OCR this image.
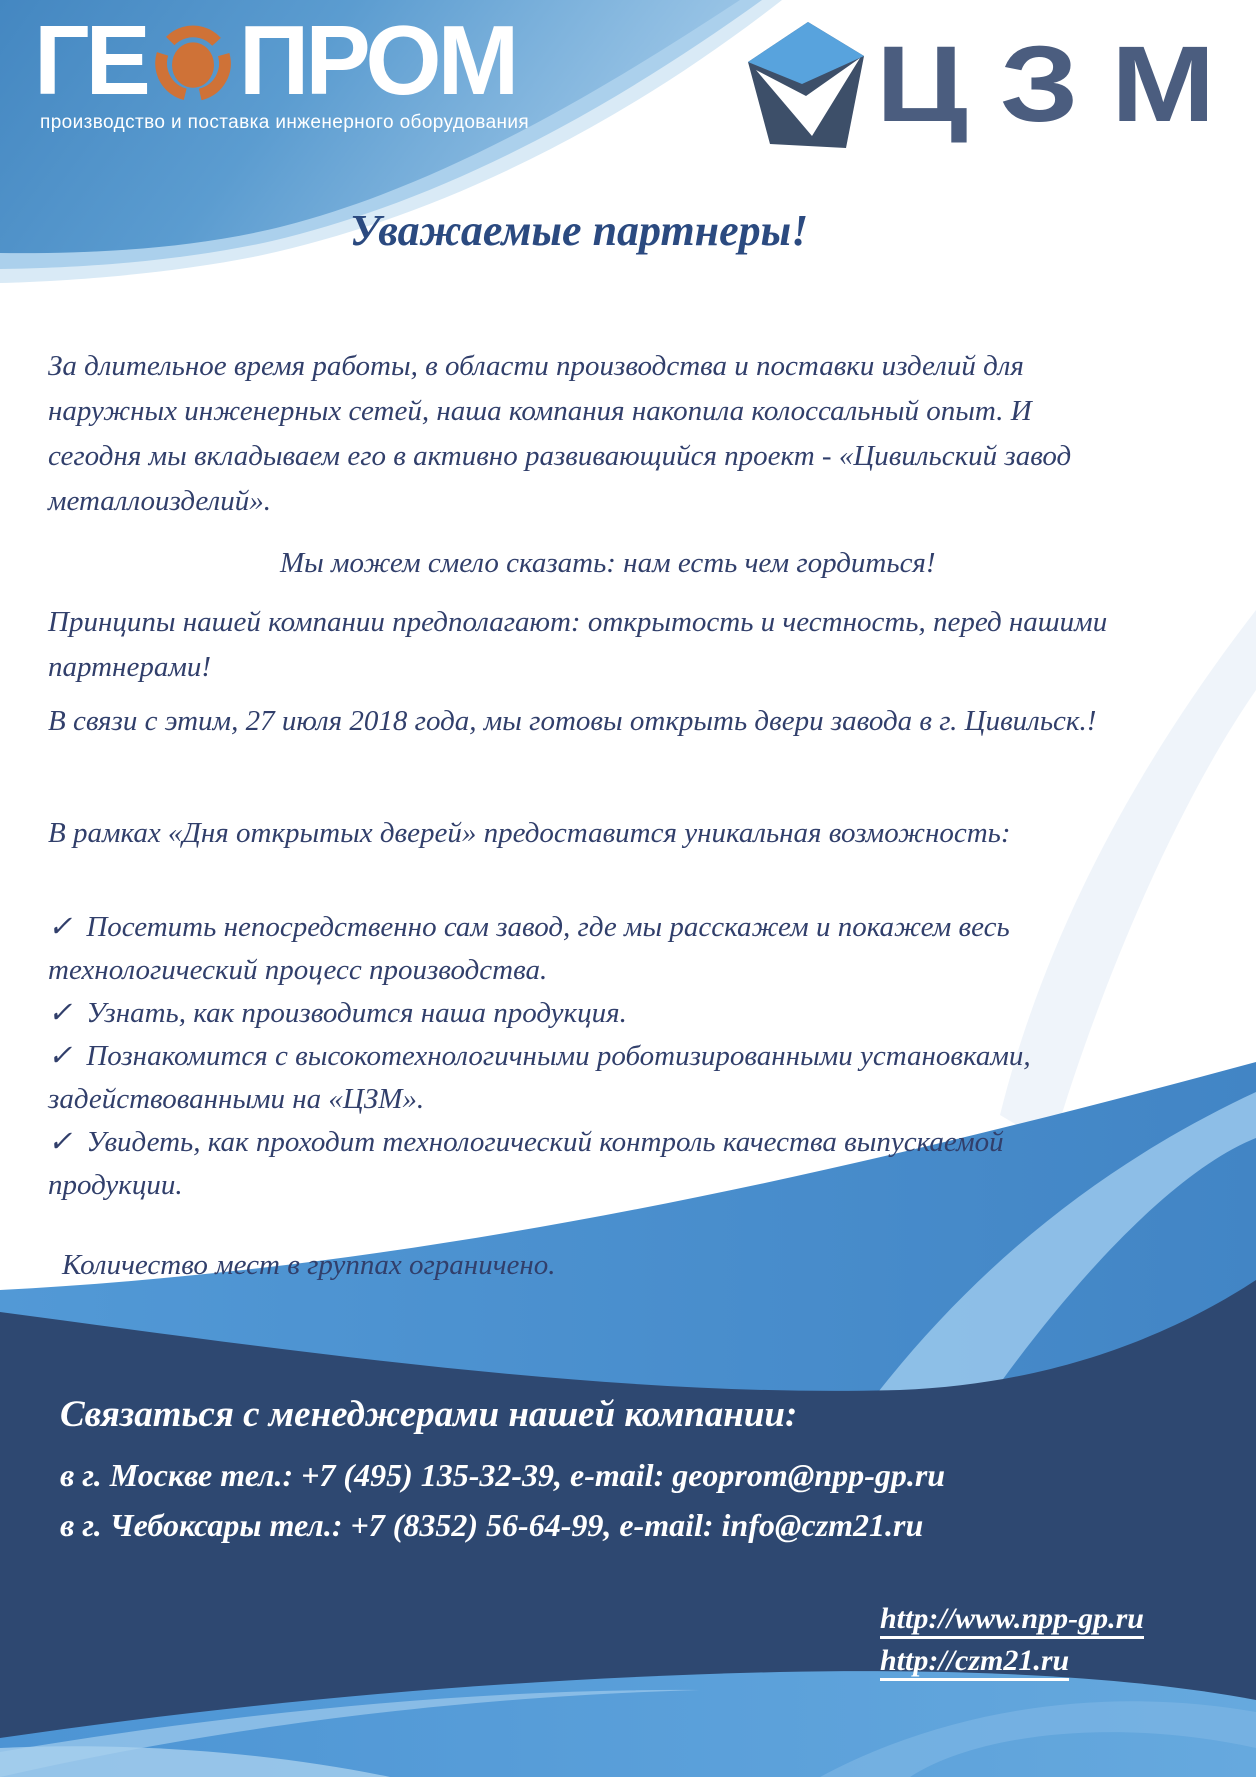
ГЕ ПРОМ
производство и поставка инженерного оборудования	ЦЗМ
Уважаемые партнеры!

За длительное время работы, в области производства и поставки изделий для наружных инженерных сетей, наша компания накопила колоссальный опыт. И сегодня мы вкладываем его в активно развивающийся проект - «Цивильский завод металлоизделий».

Мы можем смело сказать: нам есть чем гордиться!

Принципы нашей компании предполагают: открытость и честность, перед нашими партнерами!

В связи с этим, 27 июля 2018 года, мы готовы открыть двери завода в г. Цивильск.!

В рамках «Дня открытых дверей» предоставится уникальная возможность:

✓ Посетить непосредственно сам завод, где мы расскажем и покажем весь технологический процесс производства.
✓ Узнать, как производится наша продукция.
✓ Познакомится с высокотехнологичными роботизированными установками, задействованными на «ЦЗМ».
✓ Увидеть, как проходит технологический контроль качества выпускаемой продукции.

Количество мест в группах ограничено.

Связаться с менеджерами нашей компании:
в г. Москве тел.: +7 (495) 135-32-39, e-mail: geoprom@npp-gp.ru
в г. Чебоксары тел.: +7 (8352) 56-64-99, e-mail: info@czm21.ru
http://www.npp-gp.ru
http://czm21.ru
